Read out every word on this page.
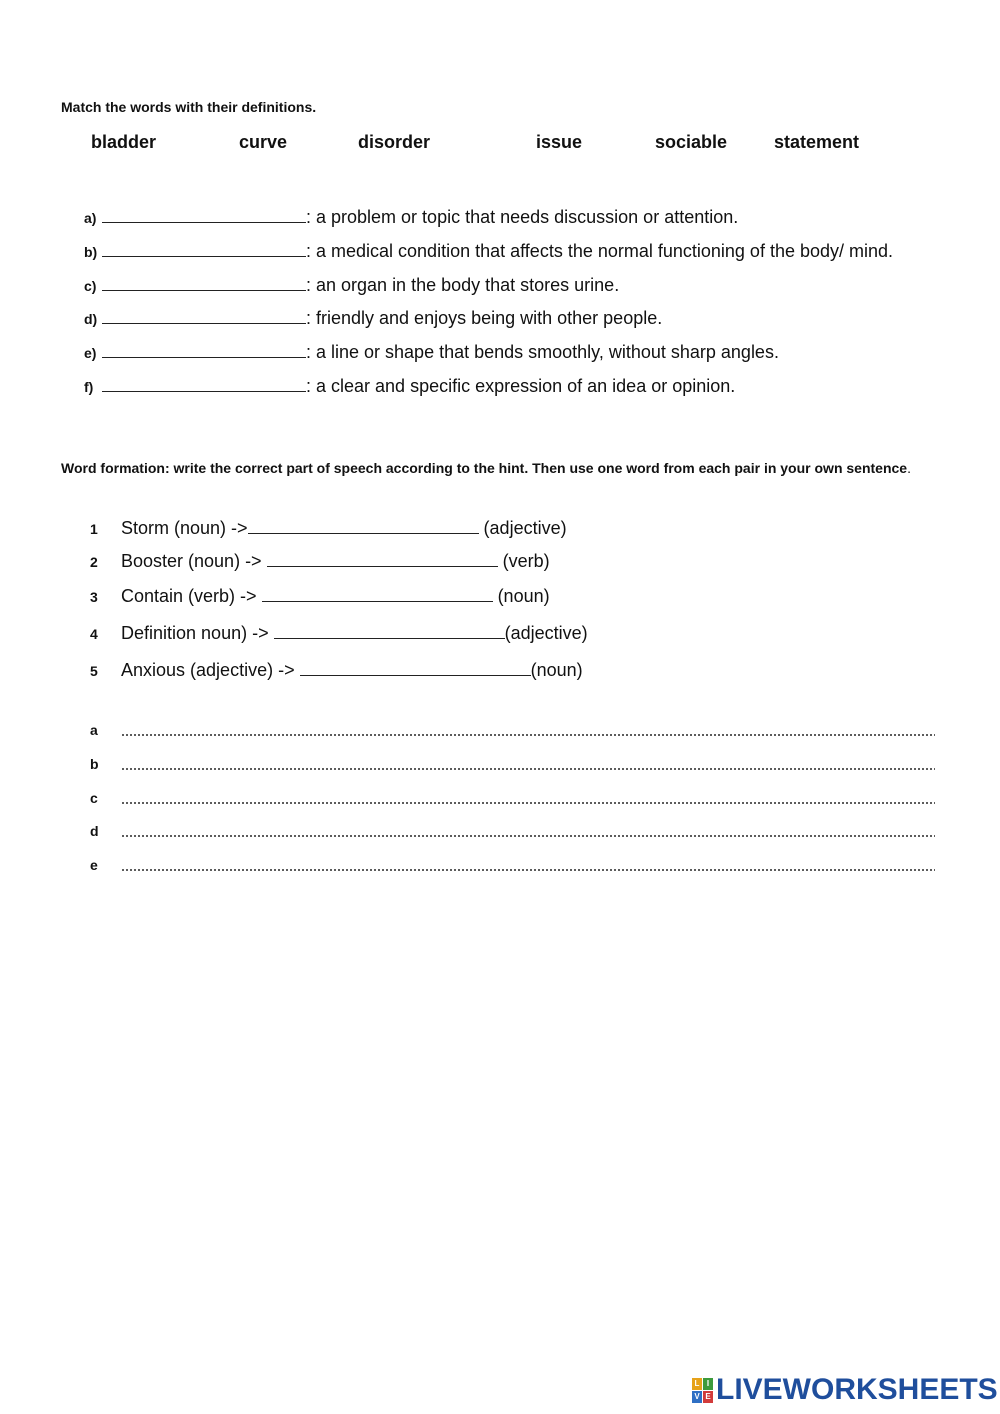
Match the words with their definitions.
bladder	curve	disorder	issue	sociable	statement
a)	: a problem or topic that needs discussion or attention.
b)	: a medical condition that affects the normal functioning of the body/ mind.
c)	: an organ in the body that stores urine.
d)	: friendly and enjoys being with other people.
e)	: a line or shape that bends smoothly, without sharp angles.
f)	: a clear and specific expression of an idea or opinion.
Word formation: write the correct part of speech according to the hint. Then use one word from each pair in your own sentence.
1 Storm (noun) ->	(adjective)
2 Booster (noun) ->	(verb)
3 Contain (verb) ->	(noun)
4 Definition noun) ->	(adjective)
5 Anxious (adjective) ->	(noun)
a
b
c
d
e
L I
V E LIVEWORKSHEETS
